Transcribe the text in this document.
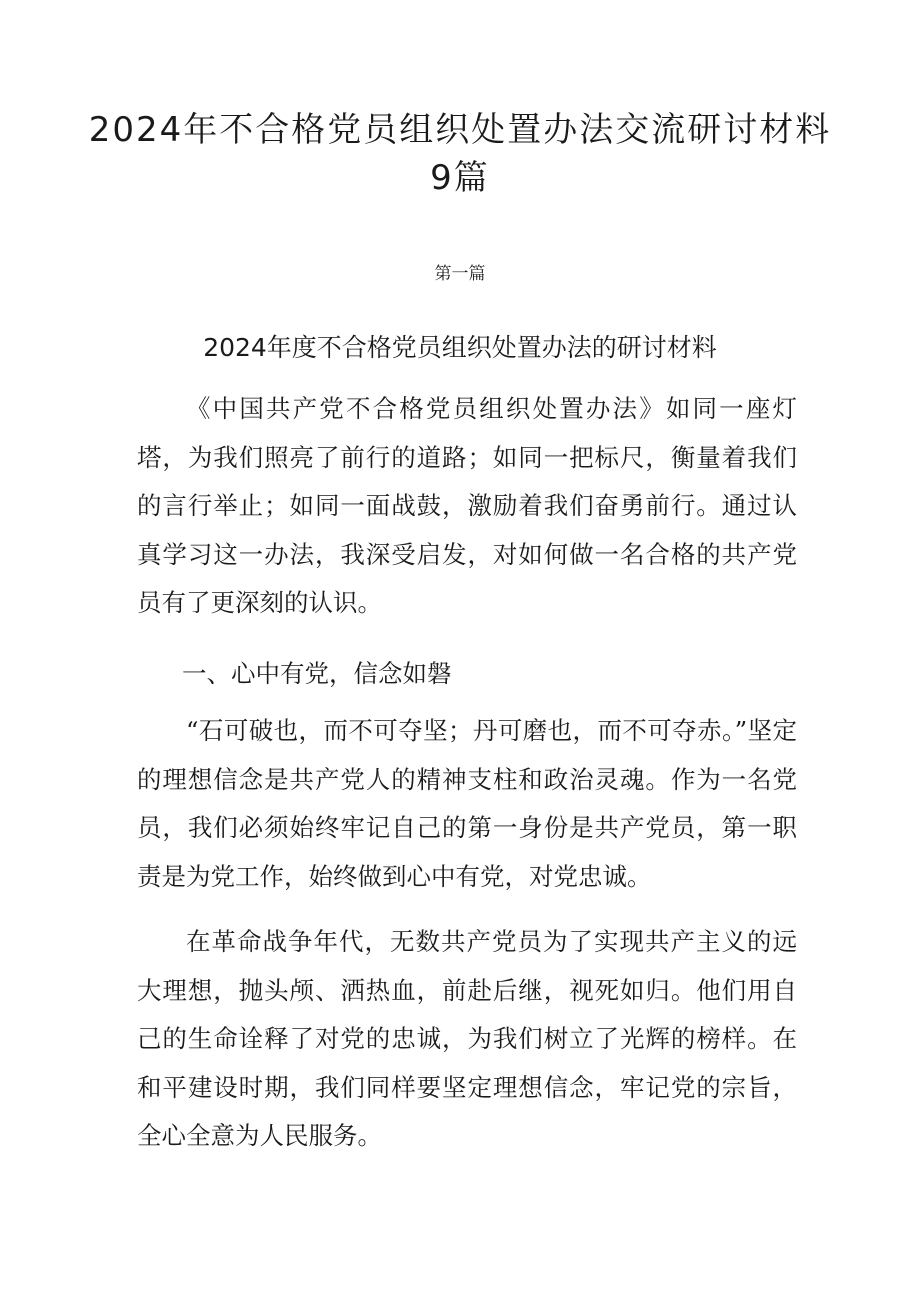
2024年不合格党员组织处置办法交流研讨材料9篇
第一篇
2024年度不合格党员组织处置办法的研讨材料

《中国共产党不合格党员组织处置办法》如同一座灯塔，为我们照亮了前行的道路；如同一把标尺，衡量着我们的言行举止；如同一面战鼓，激励着我们奋勇前行。通过认真学习这一办法，我深受启发，对如何做一名合格的共产党员有了更深刻的认识。

一、心中有党，信念如磐

“石可破也，而不可夺坚；丹可磨也，而不可夺赤。”坚定的理想信念是共产党人的精神支柱和政治灵魂。作为一名党员，我们必须始终牢记自己的第一身份是共产党员，第一职责是为党工作，始终做到心中有党，对党忠诚。

在革命战争年代，无数共产党员为了实现共产主义的远大理想，抛头颅、洒热血，前赴后继，视死如归。他们用自己的生命诠释了对党的忠诚，为我们树立了光辉的榜样。在和平建设时期，我们同样要坚定理想信念，牢记党的宗旨，全心全意为人民服务。
